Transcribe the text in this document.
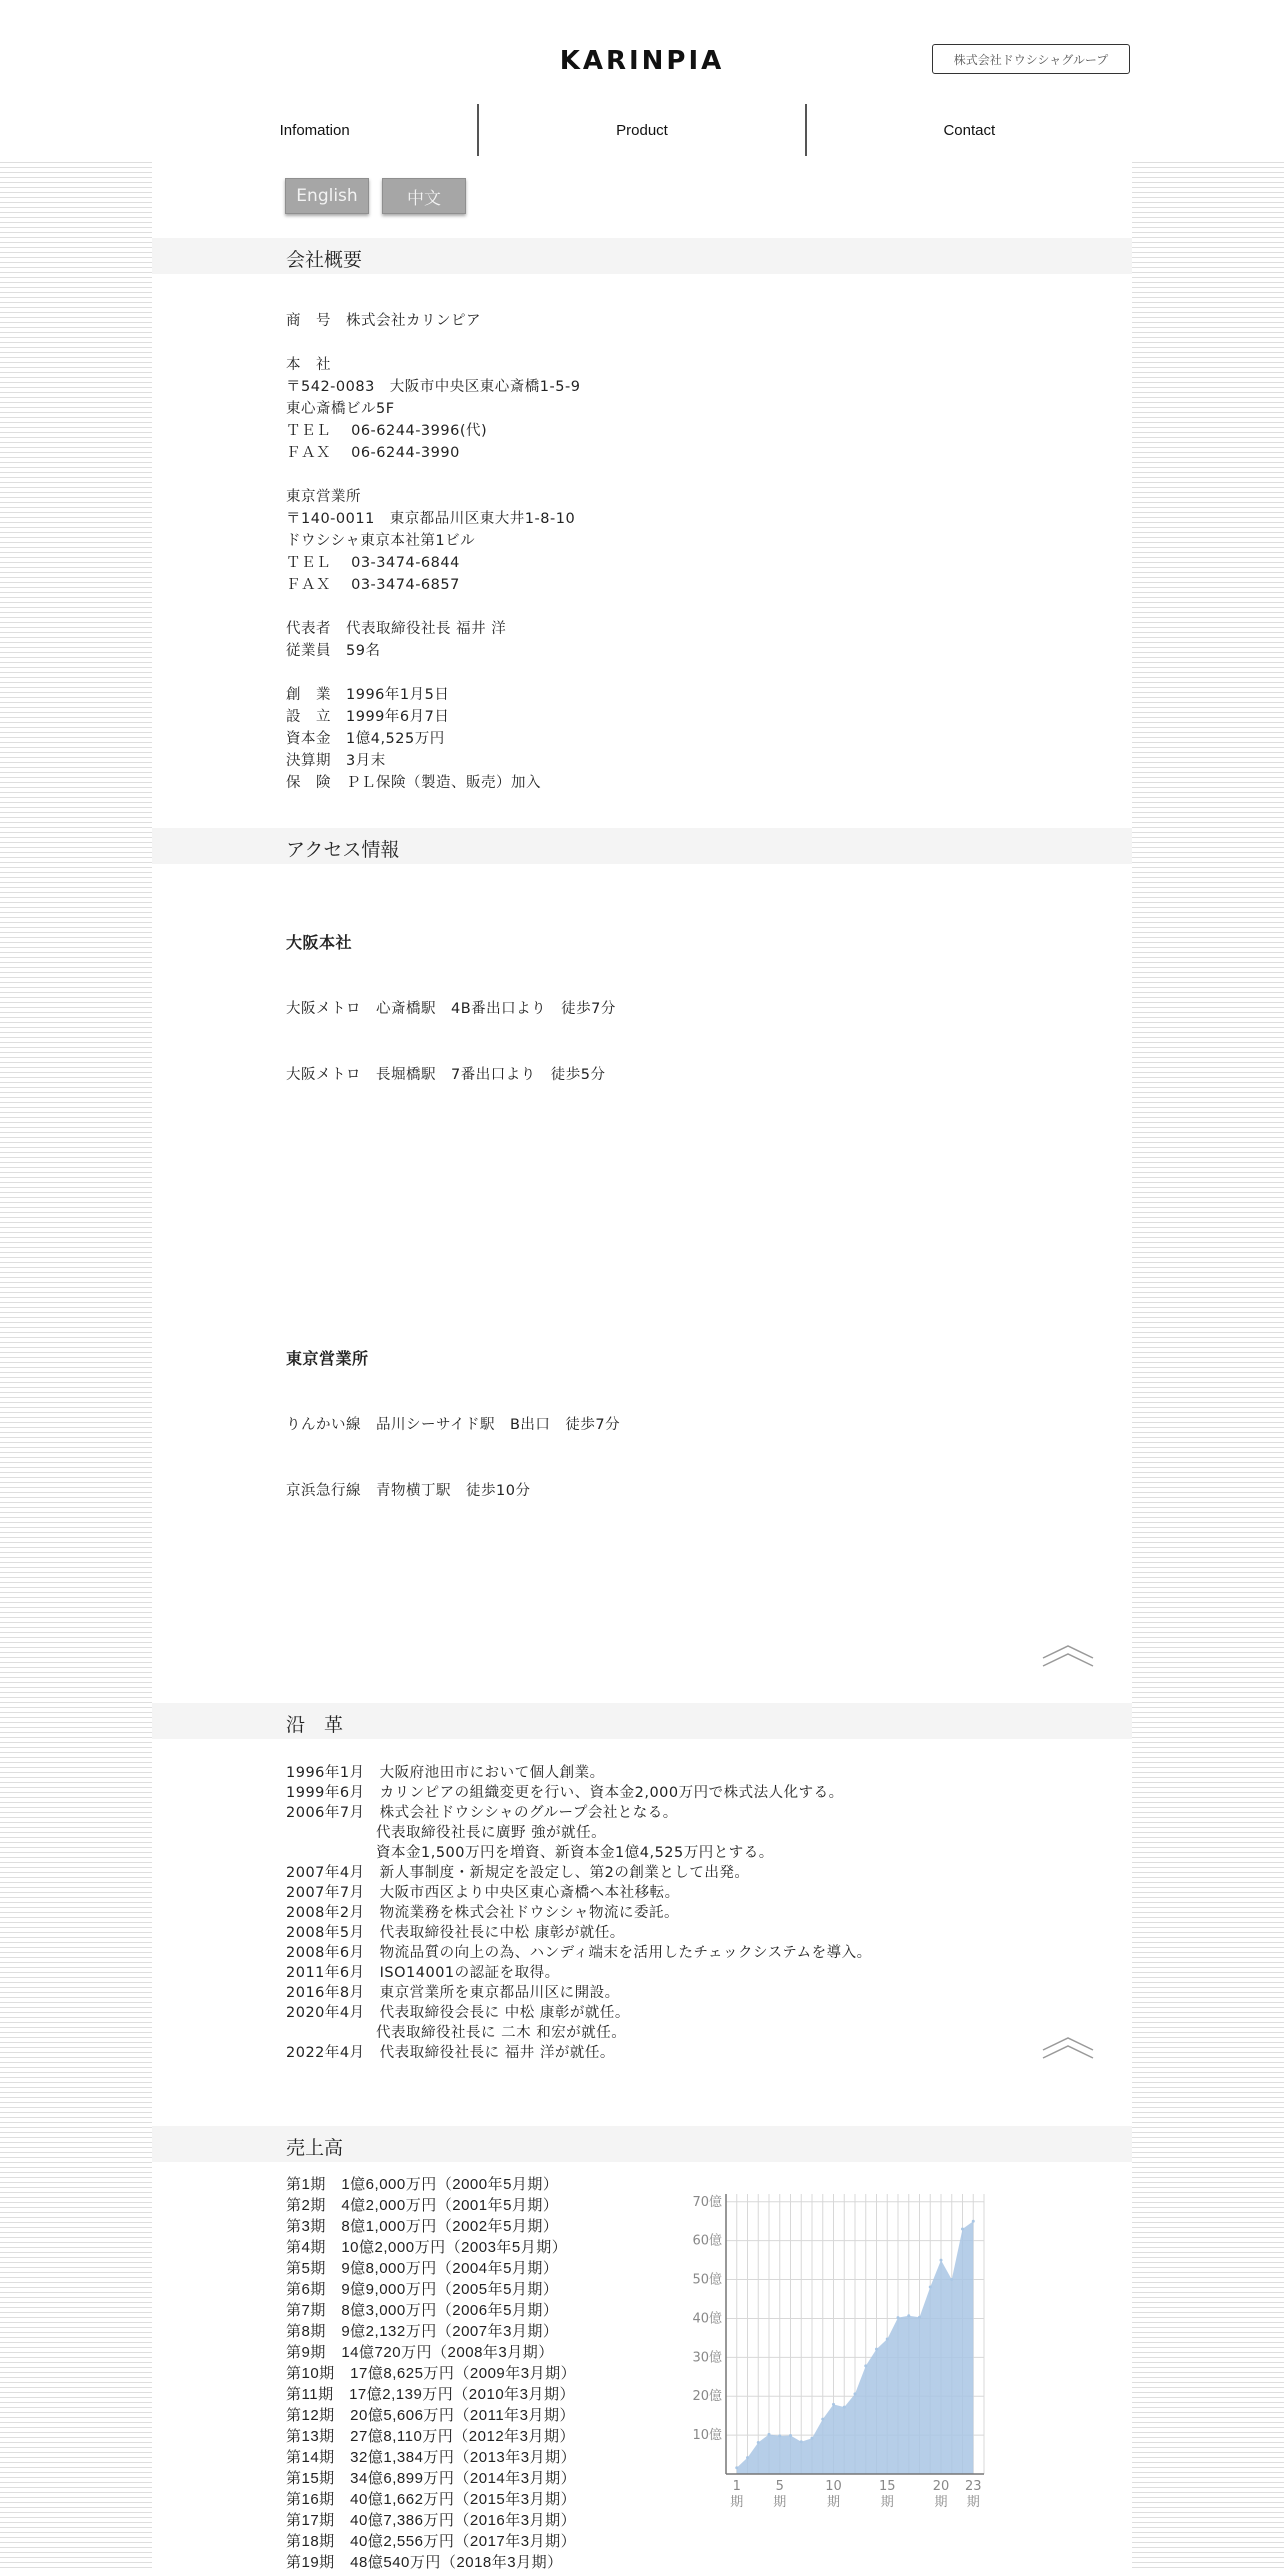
KARINPIA	株式会社ドウシシャグループ
Infomation	Product	Contact
English	中文
会社概要
商　号　株式会社カリンピア
本　社
〒542-0083　大阪市中央区東心斎橋1-5-9
東心斎橋ビル5F
ＴＥＬ　 06-6244-3996(代)
ＦＡＸ　 06-6244-3990
東京営業所
〒140-0011　東京都品川区東大井1-8-10
ドウシシャ東京本社第1ビル
ＴＥＬ　 03-3474-6844
ＦＡＸ　 03-3474-6857
代表者　代表取締役社長 福井 洋
従業員　59名
創　業　1996年1月5日
設　立　1999年6月7日
資本金　1億4,525万円
決算期　3月末
保　険　ＰＬ保険（製造、販売）加入
アクセス情報

大阪本社

大阪メトロ　心斎橋駅　4B番出口より　徒歩7分

大阪メトロ　長堀橋駅　7番出口より　徒歩5分

東京営業所

りんかい線　品川シーサイド駅　B出口　徒歩7分

京浜急行線　青物横丁駅　徒歩10分

沿　革
1996年1月　大阪府池田市において個人創業。
1999年6月　カリンピアの組織変更を行い、資本金2,000万円で株式法人化する。
2006年7月　株式会社ドウシシャのグループ会社となる。
　　　　　　代表取締役社長に廣野 強が就任。
　　　　　　資本金1,500万円を増資、新資本金1億4,525万円とする。
2007年4月　新人事制度・新規定を設定し、第2の創業として出発。
2007年7月　大阪市西区より中央区東心斎橋へ本社移転。
2008年2月　物流業務を株式会社ドウシシャ物流に委託。
2008年5月　代表取締役社長に中松 康彰が就任。
2008年6月　物流品質の向上の為、ハンディ端末を活用したチェックシステムを導入。
2011年6月　ISO14001の認証を取得。
2016年8月　東京営業所を東京都品川区に開設。
2020年4月　代表取締役会長に 中松 康彰が就任。
　　　　　　代表取締役社長に 二木 和宏が就任。
2022年4月　代表取締役社長に 福井 洋が就任。
売上高
第1期　1億6,000万円（2000年5月期）
第2期　4億2,000万円（2001年5月期）
第3期　8億1,000万円（2002年5月期）
第4期　10億2,000万円（2003年5月期）
第5期　9億8,000万円（2004年5月期）
第6期　9億9,000万円（2005年5月期）
第7期　8億3,000万円（2006年5月期）
第8期　9億2,132万円（2007年3月期）
第9期　14億720万円（2008年3月期）
第10期　17億8,625万円（2009年3月期）
第11期　17億2,139万円（2010年3月期）
第12期　20億5,606万円（2011年3月期）
第13期　27億8,110万円（2012年3月期）
第14期　32億1,384万円（2013年3月期）
第15期　34億6,899万円（2014年3月期）
第16期　40億1,662万円（2015年3月期）
第17期　40億7,386万円（2016年3月期）
第18期　40億2,556万円（2017年3月期）
第19期　48億540万円（2018年3月期）
10億
20億
30億
40億
50億
60億
70億
1
期
5
期
10
期
15
期
20
期
23
期
